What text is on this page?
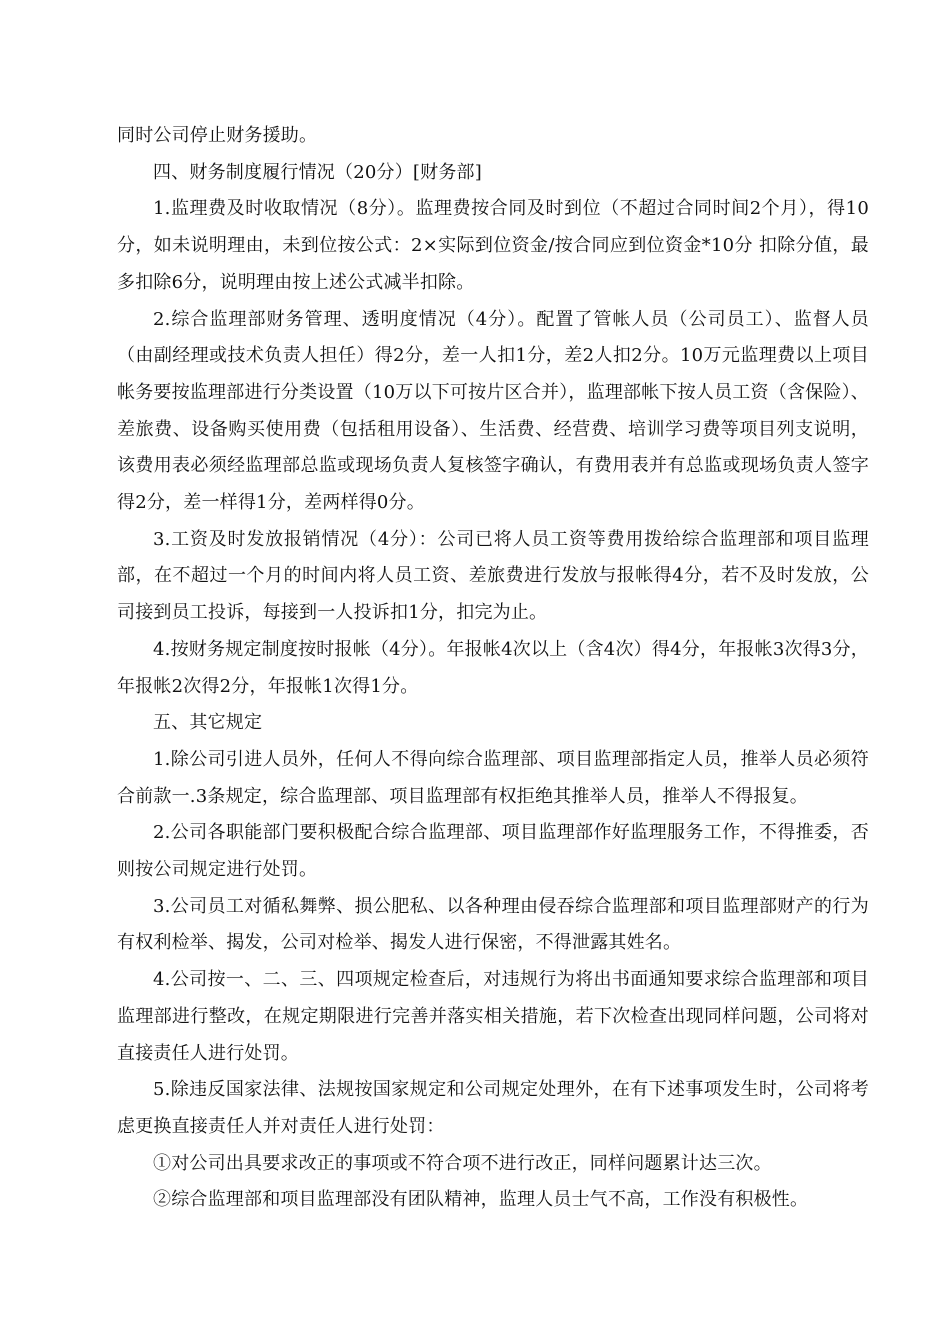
同时公司停止财务援助。

四、财务制度履行情况（20分）[财务部]

1.监理费及时收取情况（8分）。监理费按合同及时到位（不超过合同时间2个月），得10分，如未说明理由，未到位按公式：2×实际到位资金/按合同应到位资金*10分 扣除分值，最多扣除6分，说明理由按上述公式减半扣除。

2.综合监理部财务管理、透明度情况（4分）。配置了管帐人员（公司员工）、监督人员（由副经理或技术负责人担任）得2分，差一人扣1分，差2人扣2分。10万元监理费以上项目帐务要按监理部进行分类设置（10万以下可按片区合并），监理部帐下按人员工资（含保险）、差旅费、设备购买使用费（包括租用设备）、生活费、经营费、培训学习费等项目列支说明，该费用表必须经监理部总监或现场负责人复核签字确认，有费用表并有总监或现场负责人签字得2分，差一样得1分，差两样得0分。

3.工资及时发放报销情况（4分）：公司已将人员工资等费用拨给综合监理部和项目监理部，在不超过一个月的时间内将人员工资、差旅费进行发放与报帐得4分，若不及时发放，公司接到员工投诉，每接到一人投诉扣1分，扣完为止。

4.按财务规定制度按时报帐（4分）。年报帐4次以上（含4次）得4分，年报帐3次得3分，年报帐2次得2分，年报帐1次得1分。

五、其它规定

1.除公司引进人员外，任何人不得向综合监理部、项目监理部指定人员，推举人员必须符合前款一.3条规定，综合监理部、项目监理部有权拒绝其推举人员，推举人不得报复。

2.公司各职能部门要积极配合综合监理部、项目监理部作好监理服务工作，不得推委，否则按公司规定进行处罚。

3.公司员工对循私舞弊、损公肥私、以各种理由侵吞综合监理部和项目监理部财产的行为有权利检举、揭发，公司对检举、揭发人进行保密，不得泄露其姓名。

4.公司按一、二、三、四项规定检查后，对违规行为将出书面通知要求综合监理部和项目监理部进行整改，在规定期限进行完善并落实相关措施，若下次检查出现同样问题，公司将对直接责任人进行处罚。

5.除违反国家法律、法规按国家规定和公司规定处理外，在有下述事项发生时，公司将考虑更换直接责任人并对责任人进行处罚：

①对公司出具要求改正的事项或不符合项不进行改正，同样问题累计达三次。

②综合监理部和项目监理部没有团队精神，监理人员士气不高，工作没有积极性。
